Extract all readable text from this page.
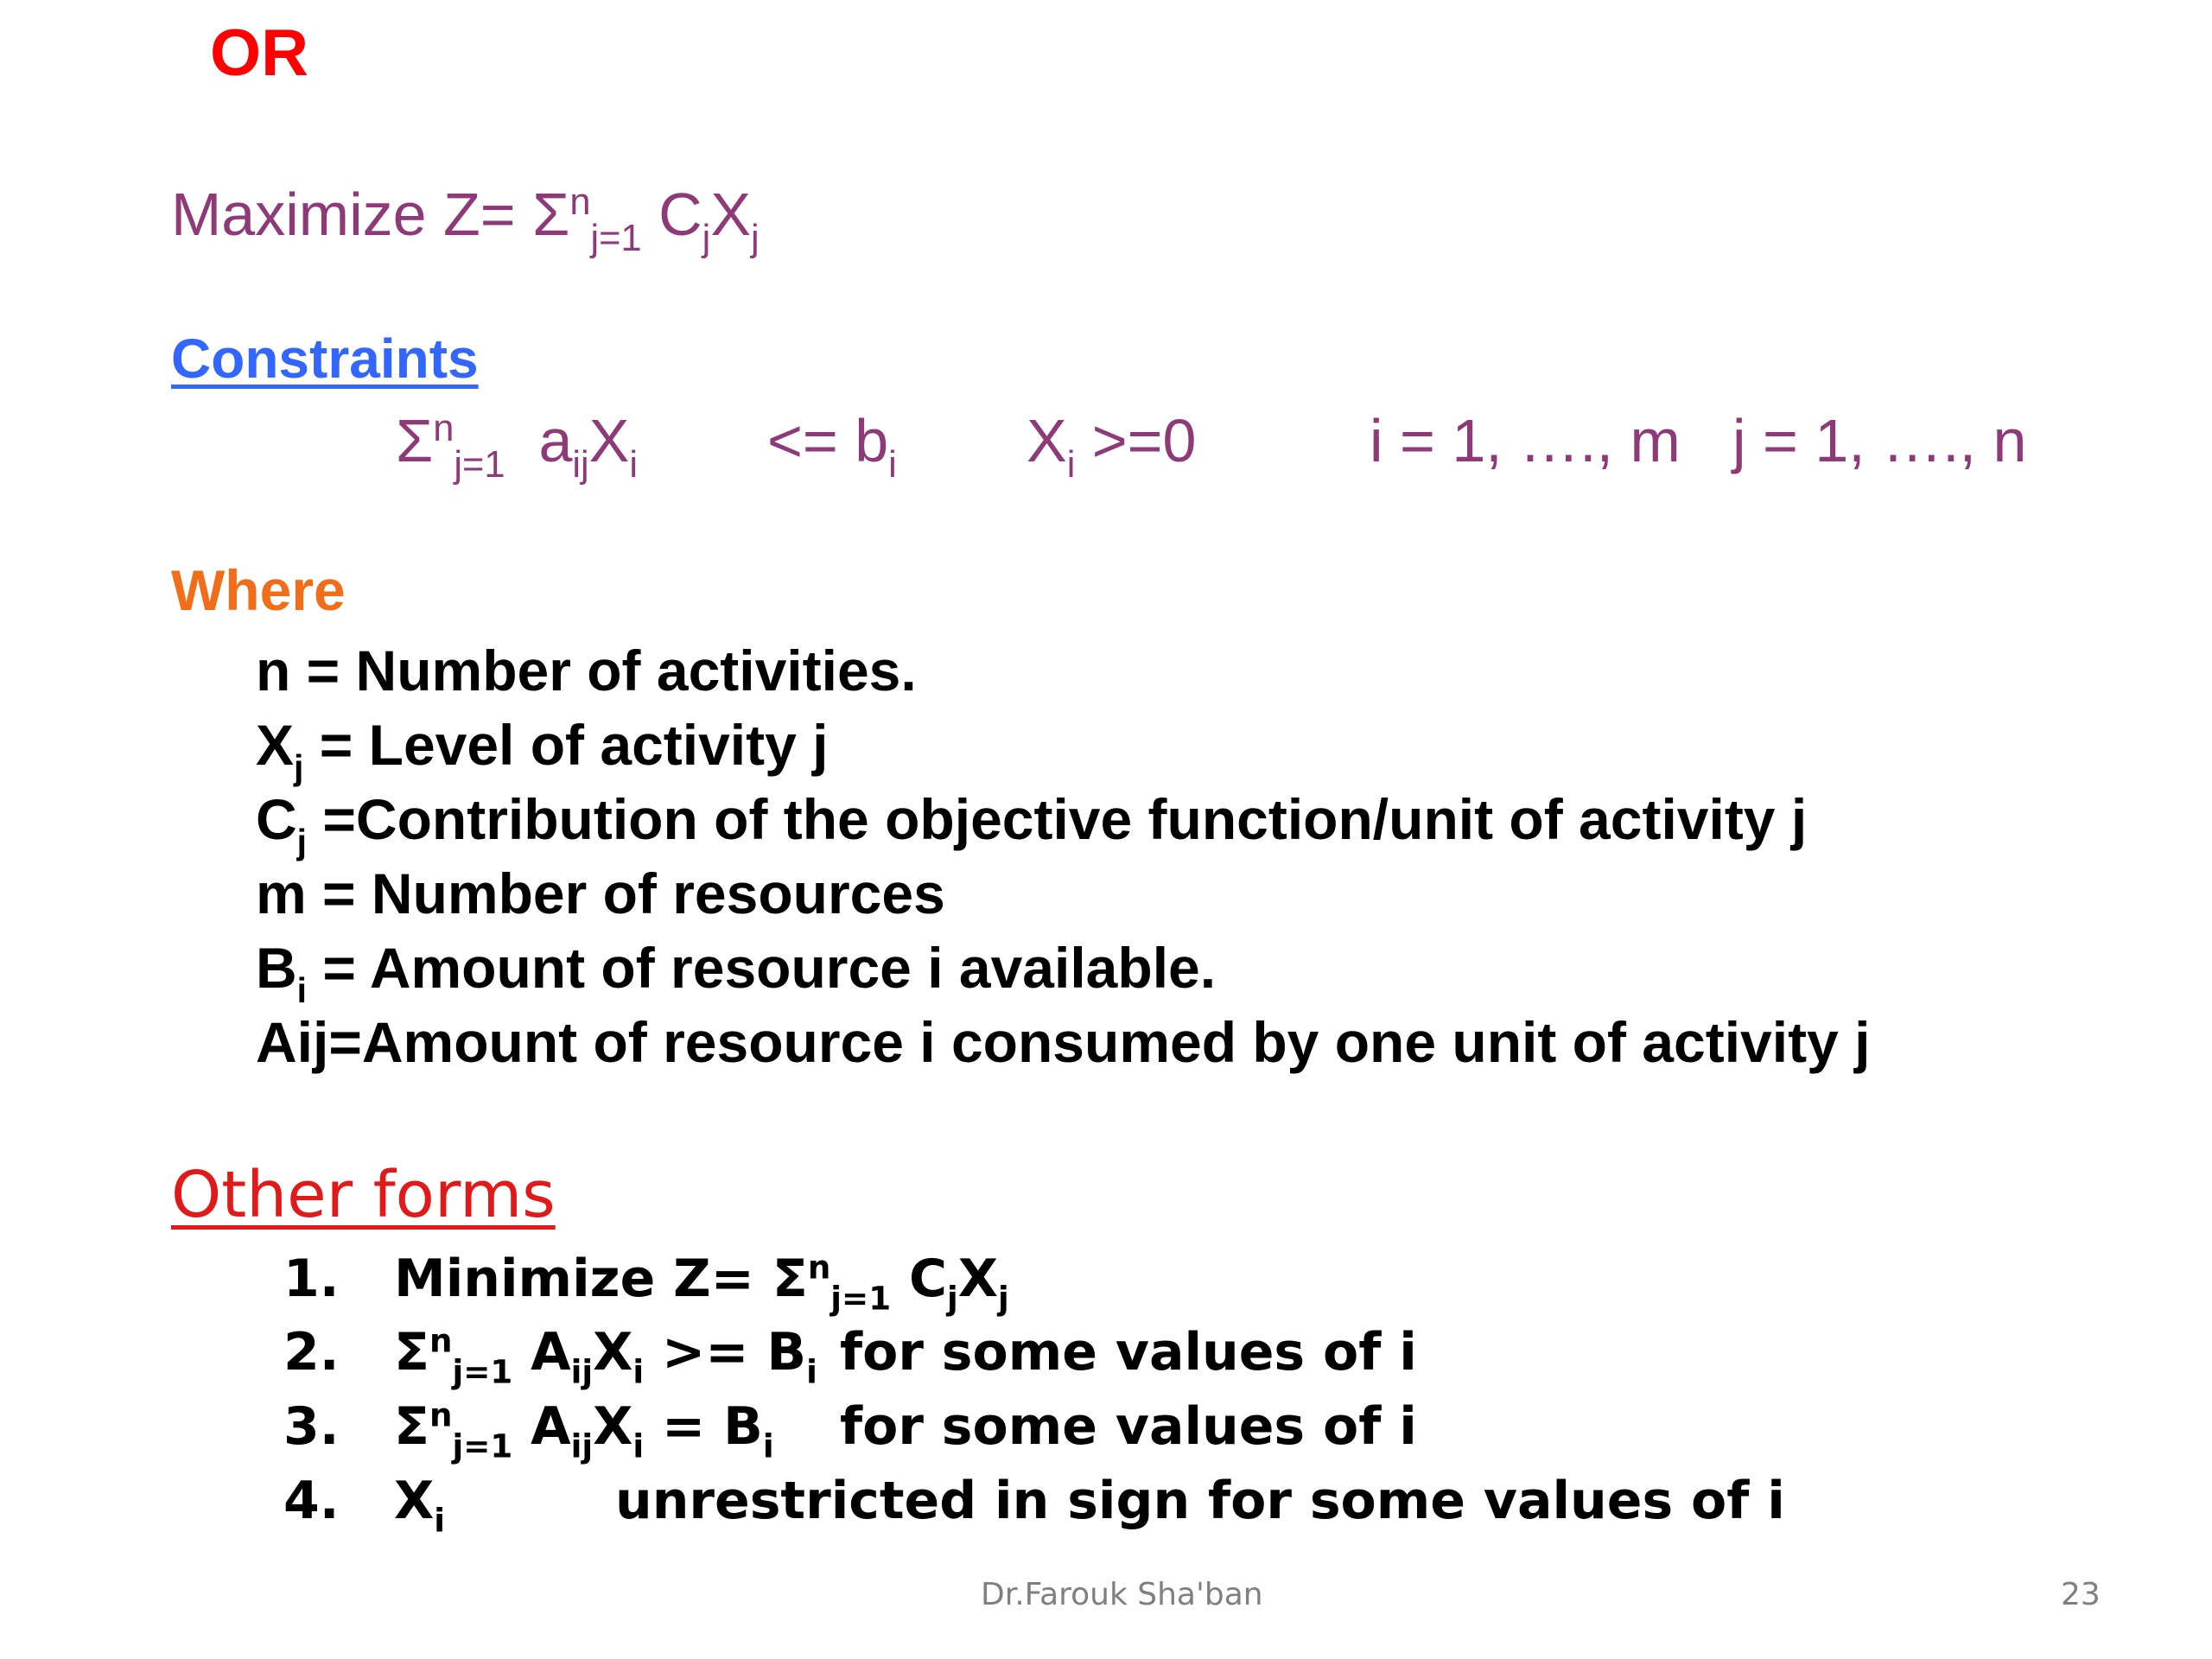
OR
Maximize $Z= \Sigma^n_{j=1}$ $C_jX_j$
Constraints
$\Sigma^n_{j=1}$  $a_{ij}X_i <= b_i$ $X_i >=0$	i = 1, …., m j = 1, …., n
Where
n = Number of activities.
$X_j$ = Level of activity j
$C_j$ =Contribution of the objective function/unit of activity j
m = Number of resources
$B_i$ = Amount of resource i available.
Aij=Amount of resource i consumed by one unit of activity j
Other forms
1. Minimize $Z= \Sigma^n_{j=1}$ $C_jX_j$
2. $\Sigma^n_{j=1}$ $A_{ij}X_i >= B_i$ for some values of i
3. $\Sigma^n_{j=1}$ $A_{ij}X_i = B_i$ for some values of i
4. $X_i$	unrestricted in sign for some values of i
Dr.Farouk Sha'ban	23
